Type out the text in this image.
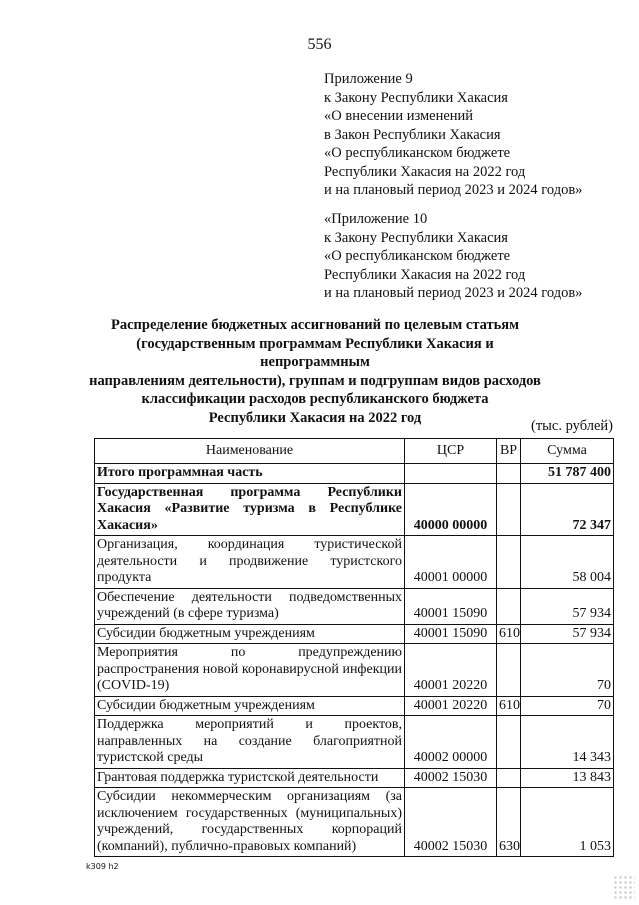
556
Приложение 9
к Закону Республики Хакасия
«О внесении изменений
в Закон Республики Хакасия
«О республиканском бюджете
Республики Хакасия на 2022 год
и на плановый период 2023 и 2024 годов»
«Приложение 10
к Закону Республики Хакасия
«О республиканском бюджете
Республики Хакасия на 2022 год
и на плановый период 2023 и 2024 годов»
Распределение бюджетных ассигнований по целевым статьям
(государственным программам Республики Хакасия и непрограммным
направлениям деятельности), группам и подгруппам видов расходов
классификации расходов республиканского бюджета
Республики Хакасия на 2022 год
(тыс. рублей)
Наименование	ЦСР	ВР	Сумма
Итого программная часть			51 787 400
Государственная программа Республики Хакасия «Развитие туризма в Республике Хакасия»	40000 00000		72 347
Организация, координация туристической деятельности и продвижение туристского продукта	40001 00000		58 004
Обеспечение деятельности подведомственных учреждений (в сфере туризма)	40001 15090		57 934
Субсидии бюджетным учреждениям	40001 15090	610	57 934
Мероприятия по предупреждению распространения новой коронавирусной инфекции (COVID-19)	40001 20220		70
Субсидии бюджетным учреждениям	40001 20220	610	70
Поддержка мероприятий и проектов, направленных на создание благоприятной туристской среды	40002 00000		14 343
Грантовая поддержка туристской деятельности	40002 15030		13 843
Субсидии некоммерческим организациям (за исключением государственных (муниципальных) учреждений, государственных корпораций (компаний), публично-правовых компаний)	40002 15030	630	1 053
k309 h2
